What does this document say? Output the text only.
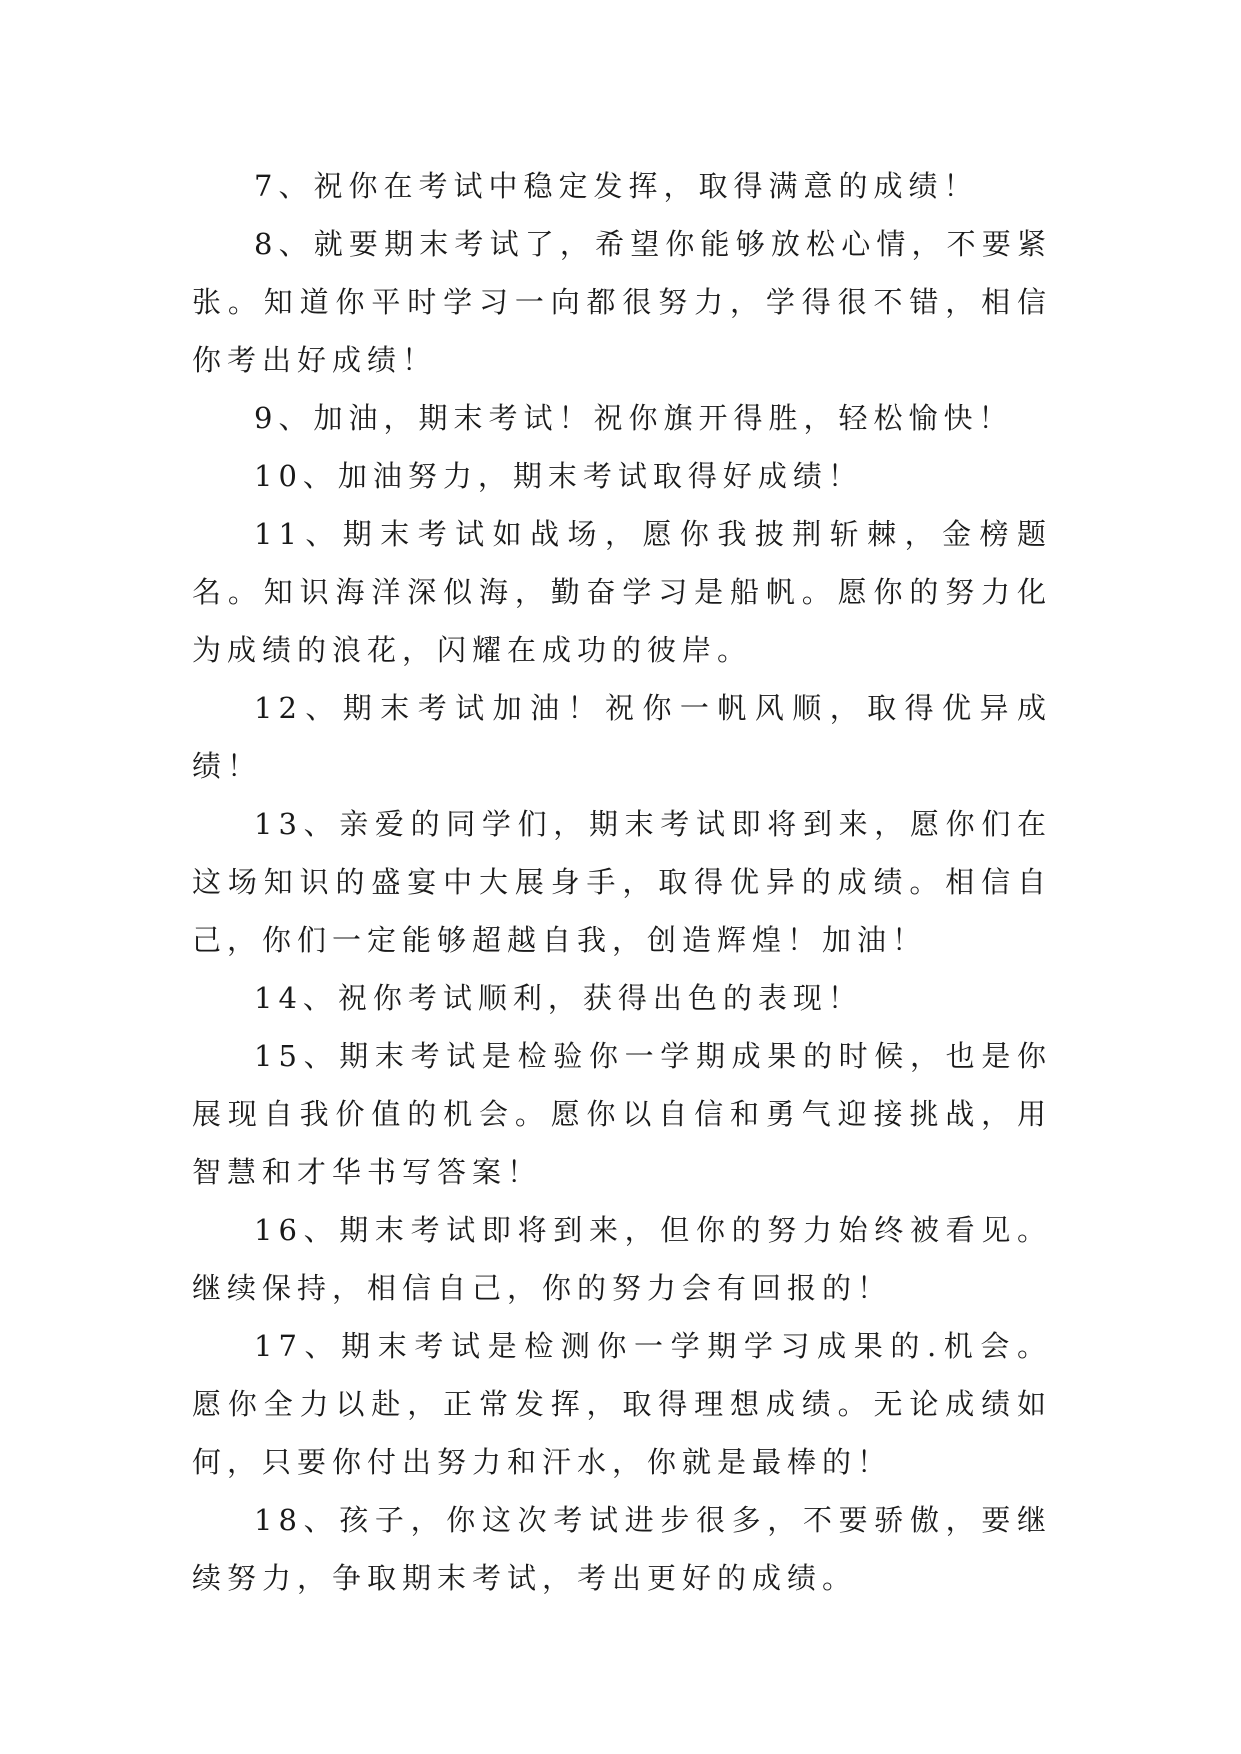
7、祝你在考试中稳定发挥，取得满意的成绩！

8、就要期末考试了，希望你能够放松心情，不要紧张。知道你平时学习一向都很努力，学得很不错，相信你考出好成绩！

9、加油，期末考试！祝你旗开得胜，轻松愉快！

10、加油努力，期末考试取得好成绩！

11、期末考试如战场，愿你我披荆斩棘，金榜题名。知识海洋深似海，勤奋学习是船帆。愿你的努力化为成绩的浪花，闪耀在成功的彼岸。

12、期末考试加油！祝你一帆风顺，取得优异成绩！

13、亲爱的同学们，期末考试即将到来，愿你们在这场知识的盛宴中大展身手，取得优异的成绩。相信自己，你们一定能够超越自我，创造辉煌！加油！

14、祝你考试顺利，获得出色的表现！

15、期末考试是检验你一学期成果的时候，也是你展现自我价值的机会。愿你以自信和勇气迎接挑战，用智慧和才华书写答案！

16、期末考试即将到来，但你的努力始终被看见。继续保持，相信自己，你的努力会有回报的！

17、期末考试是检测你一学期学习成果的.机会。愿你全力以赴，正常发挥，取得理想成绩。无论成绩如何，只要你付出努力和汗水，你就是最棒的！

18、孩子，你这次考试进步很多，不要骄傲，要继续努力，争取期末考试，考出更好的成绩。
